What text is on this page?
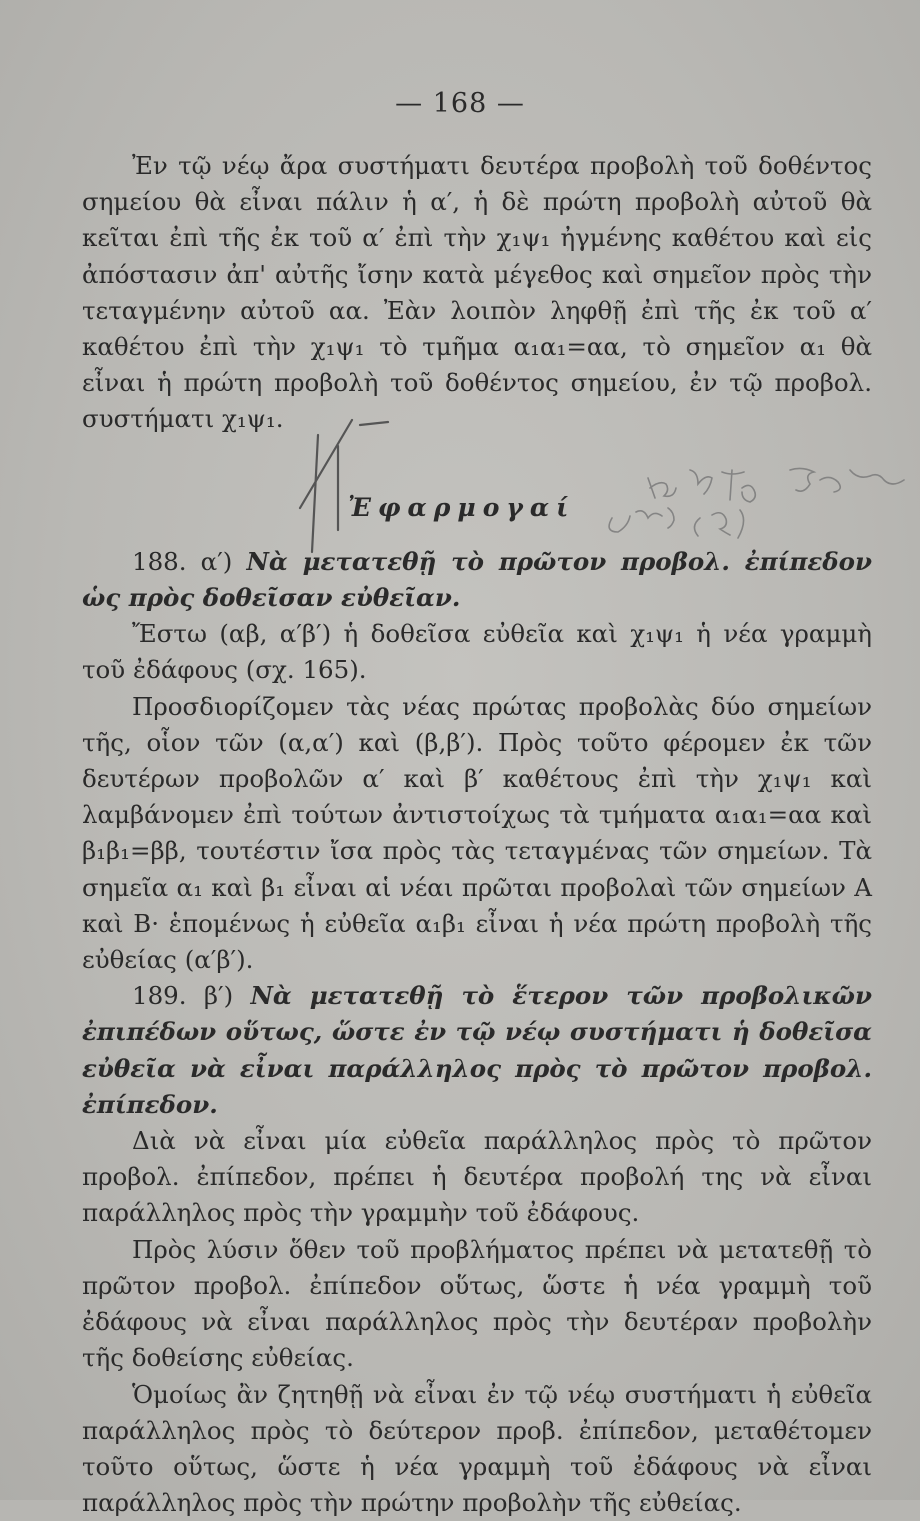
— 168 —

Ἐν τῷ νέῳ ἄρα συστήματι δευτέρα προβολὴ τοῦ δοθέντος σημείου θὰ εἶναι πάλιν ἡ α′, ἡ δὲ πρώτη προβολὴ αὐτοῦ θὰ κεῖται ἐπὶ τῆς ἐκ τοῦ α′ ἐπὶ τὴν χ₁ψ₁ ἠγμένης καθέτου καὶ εἰς ἀπόστασιν ἀπ' αὐτῆς ἴσην κατὰ μέγεθος καὶ σημεῖον πρὸς τὴν τεταγμένην αὐτοῦ αα. Ἐὰν λοιπὸν ληφθῇ ἐπὶ τῆς ἐκ τοῦ α′ καθέτου ἐπὶ τὴν χ₁ψ₁ τὸ τμῆμα α₁α₁=αα, τὸ σημεῖον α₁ θὰ εἶναι ἡ πρώτη προβολὴ τοῦ δοθέντος σημείου, ἐν τῷ προβολ. συστήματι χ₁ψ₁.

Ἐφαρμογαί

188. α′) Νὰ μετατεθῇ τὸ πρῶτον προβολ. ἐπίπεδον ὡς πρὸς δοθεῖσαν εὐθεῖαν.

Ἔστω (αβ, α′β′) ἡ δοθεῖσα εὐθεῖα καὶ χ₁ψ₁ ἡ νέα γραμμὴ τοῦ ἐδάφους (σχ. 165).

Προσδιορίζομεν τὰς νέας πρώτας προβολὰς δύο σημείων τῆς, οἷον τῶν (α,α′) καὶ (β,β′). Πρὸς τοῦτο φέρομεν ἐκ τῶν δευτέρων προβολῶν α′ καὶ β′ καθέτους ἐπὶ τὴν χ₁ψ₁ καὶ λαμβάνομεν ἐπὶ τούτων ἀντιστοίχως τὰ τμήματα α₁α₁=αα καὶ β₁β₁=ββ, τουτέστιν ἴσα πρὸς τὰς τεταγμένας τῶν σημείων. Τὰ σημεῖα α₁ καὶ β₁ εἶναι αἱ νέαι πρῶται προβολαὶ τῶν σημείων Α καὶ Β· ἑπομένως ἡ εὐθεῖα α₁β₁ εἶναι ἡ νέα πρώτη προβολὴ τῆς εὐθείας (α′β′).

189. β′) Νὰ μετατεθῇ τὸ ἕτερον τῶν προβολικῶν ἐπιπέδων οὕτως, ὥστε ἐν τῷ νέῳ συστήματι ἡ δοθεῖσα εὐθεῖα νὰ εἶναι παράλληλος πρὸς τὸ πρῶτον προβολ. ἐπίπεδον.

Διὰ νὰ εἶναι μία εὐθεῖα παράλληλος πρὸς τὸ πρῶτον προβολ. ἐπίπεδον, πρέπει ἡ δευτέρα προβολή της νὰ εἶναι παράλληλος πρὸς τὴν γραμμὴν τοῦ ἐδάφους.

Πρὸς λύσιν ὅθεν τοῦ προβλήματος πρέπει νὰ μετατεθῇ τὸ πρῶτον προβολ. ἐπίπεδον οὕτως, ὥστε ἡ νέα γραμμὴ τοῦ ἐδάφους νὰ εἶναι παράλληλος πρὸς τὴν δευτέραν προβολὴν τῆς δοθείσης εὐθείας.

Ὁμοίως ἂν ζητηθῇ νὰ εἶναι ἐν τῷ νέῳ συστήματι ἡ εὐθεῖα παράλληλος πρὸς τὸ δεύτερον προβ. ἐπίπεδον, μεταθέτομεν τοῦτο οὕτως, ὥστε ἡ νέα γραμμὴ τοῦ ἐδάφους νὰ εἶναι παράλληλος πρὸς τὴν πρώτην προβολὴν τῆς εὐθείας.
